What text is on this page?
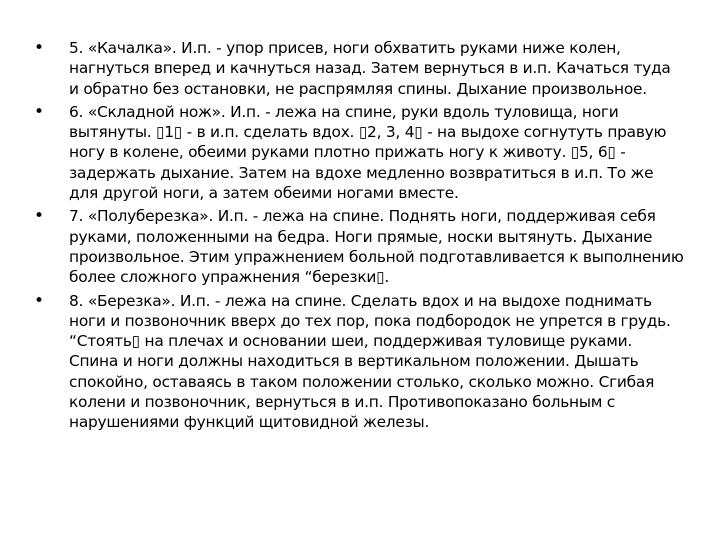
• 5. «Качалка». И.п. - упор присев, ноги обхватить руками ниже колен, нагнуться вперед и качнуться назад. Затем вернуться в и.п. Качаться туда и обратно без остановки, не распрямляя спины. Дыхание произвольное.
• 6. «Складной нож». И.п. - лежа на спине, руки вдоль туловища, ноги вытянуты. ▯1▯ - в и.п. сделать вдох. ▯2, 3, 4▯ - на выдохе согнутуть правую ногу в колене, обеими руками плотно прижать ногу к животу. ▯5, 6▯ - задержать дыхание. Затем на вдохе медленно возвратиться в и.п. То же для другой ноги, а затем обеими ногами вместе.
• 7. «Полуберезка». И.п. - лежа на спине. Поднять ноги, поддерживая себя руками, положенными на бедра. Ноги прямые, носки вытянуть. Дыхание произвольное. Этим упражнением больной подготавливается к выполнению более сложного упражнения “березки▯.
• 8. «Березка». И.п. - лежа на спине. Сделать вдох и на выдохе поднимать ноги и позвоночник вверх до тех пор, пока подбородок не упрется в грудь. “Стоять▯ на плечах и основании шеи, поддерживая туловище руками. Спина и ноги должны находиться в вертикальном положении. Дышать спокойно, оставаясь в таком положении столько, сколько можно. Сгибая колени и позвоночник, вернуться в и.п. Противопоказано больным с нарушениями функций щитовидной железы.
